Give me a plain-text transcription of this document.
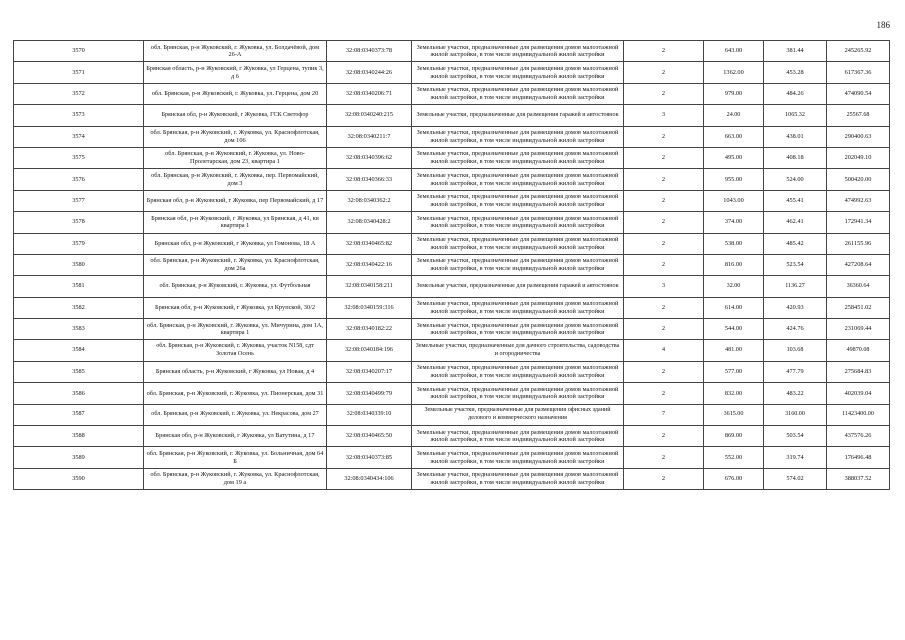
186
3570	обл. Брянская, р-н Жуковский, г. Жуковка, ул. Болдачёвой, дом 26-А	32:08:0340373:78	Земельные участки, предназначенные для размещения домов малоэтажной жилой застройки, в том числе индивидуальной жилой застройки	2	643.00	381.44	245265.92
3571	Брянская область, р-н Жуковский, г Жуковка, ул Герцена, тупик 3, д 6	32:08:0340244:26	Земельные участки, предназначенные для размещения домов малоэтажной жилой застройки, в том числе индивидуальной жилой застройки	2	1362.00	453.28	617367.36
3572	обл. Брянская, р-н Жуковский, г. Жуковка, ул. Герцена, дом 20	32:08:0340206:71	Земельные участки, предназначенные для размещения домов малоэтажной жилой застройки, в том числе индивидуальной жилой застройки	2	979.00	484.26	474090.54
3573	Брянская обл, р-н Жуковский, г Жуковка, ГСК Светофор	32:08:0340240:215	Земельные участки, предназначенные для размещения гаражей и автостоянок	3	24.00	1065.32	25567.68
3574	обл. Брянская, р-н Жуковский, г. Жуковка, ул. Краснофлотская, дом 106	32:08:0340211:7	Земельные участки, предназначенные для размещения домов малоэтажной жилой застройки, в том числе индивидуальной жилой застройки	2	663.00	438.01	290400.63
3575	обл. Брянская, р-н Жуковский, г. Жуковка, ул. Ново-Пролетарская, дом 23, квартира 1	32:08:0340396:62	Земельные участки, предназначенные для размещения домов малоэтажной жилой застройки, в том числе индивидуальной жилой застройки	2	495.00	408.18	202049.10
3576	обл. Брянская, р-н Жуковский, г. Жуковка, пер. Первомайский, дом 3	32:08:0340366:33	Земельные участки, предназначенные для размещения домов малоэтажной жилой застройки, в том числе индивидуальной жилой застройки	2	955.00	524.00	500420.00
3577	Брянская обл, р-н Жуковский, г Жуковка, пер Первомайский, д 17	32:08:0340362:2	Земельные участки, предназначенные для размещения домов малоэтажной жилой застройки, в том числе индивидуальной жилой застройки	2	1043.00	455.41	474992.63
3578	Брянская обл, р-н Жуковский, г Жуковка, ул Брянская, д 41, кв квартира 1	32:08:0340428:2	Земельные участки, предназначенные для размещения домов малоэтажной жилой застройки, в том числе индивидуальной жилой застройки	2	374.00	462.41	172941.34
3579	Брянская обл, р-н Жуковский, г Жуковка, ул Гомонова, 18 А	32:08:0340465:82	Земельные участки, предназначенные для размещения домов малоэтажной жилой застройки, в том числе индивидуальной жилой застройки	2	538.00	485.42	261155.96
3580	обл. Брянская, р-н Жуковский, г. Жуковка, ул. Краснофлотская, дом 26а	32:08:0340422:16	Земельные участки, предназначенные для размещения домов малоэтажной жилой застройки, в том числе индивидуальной жилой застройки	2	816.00	523.54	427208.64
3581	обл. Брянская, р-н Жуковский, г. Жуковка, ул. Футбольная	32:08:0340158:211	Земельные участки, предназначенные для размещения гаражей и автостоянок	3	32.00	1136.27	36360.64
3582	Брянская обл, р-н Жуковский, г Жуковка, ул Крупской, 30/2	32:08:0340159:316	Земельные участки, предназначенные для размещения домов малоэтажной жилой застройки, в том числе индивидуальной жилой застройки	2	614.00	420.93	258451.02
3583	обл. Брянская, р-н Жуковский, г. Жуковка, ул. Мичурина, дом 1А, квартира 1	32:08:0340182:22	Земельные участки, предназначенные для размещения домов малоэтажной жилой застройки, в том числе индивидуальной жилой застройки	2	544.00	424.76	231069.44
3584	обл. Брянская, р-н Жуковский, г. Жуковка, участок N158, сдт Золотая Осень	32:08:0340184:196	Земельные участки, предназначенные для дачного строительства, садоводства и огородничества	4	481.00	103.68	49870.08
3585	Брянская область, р-н Жуковский, г Жуковка, ул Новая, д 4	32:08:0340207:17	Земельные участки, предназначенные для размещения домов малоэтажной жилой застройки, в том числе индивидуальной жилой застройки	2	577.00	477.79	275684.83
3586	обл. Брянская, р-н Жуковский, г. Жуковка, ул. Пионерская, дом 31	32:08:0340499:79	Земельные участки, предназначенные для размещения домов малоэтажной жилой застройки, в том числе индивидуальной жилой застройки	2	832.00	483.22	402039.04
3587	обл. Брянская, р-н Жуковский, г. Жуковка, ул. Некрасова, дом 27	32:08:0340339:10	Земельные участки, предназначенные для размещения офисных зданий делового и коммерческого назначения	7	3615.00	3160.00	11423400.00
3588	Брянская обл, р-н Жуковский, г Жуковка, ул Ватутина, д 17	32:08:0340465:50	Земельные участки, предназначенные для размещения домов малоэтажной жилой застройки, в том числе индивидуальной жилой застройки	2	869.00	503.54	437576.26
3589	обл. Брянская, р-н Жуковский, г. Жуковка, ул. Больничная, дом 64 Б	32:08:0340373:85	Земельные участки, предназначенные для размещения домов малоэтажной жилой застройки, в том числе индивидуальной жилой застройки	2	552.00	319.74	176496.48
3590	обл. Брянская, р-н Жуковский, г. Жуковка, ул. Краснофлотская, дом 19 а	32:08:0340434:106	Земельные участки, предназначенные для размещения домов малоэтажной жилой застройки, в том числе индивидуальной жилой застройки	2	676.00	574.02	388037.52
